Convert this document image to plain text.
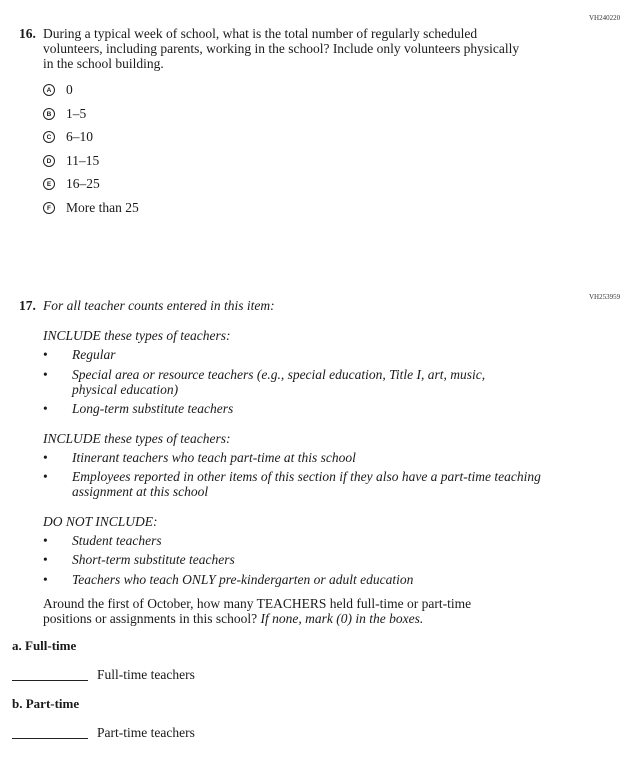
VH240220
16. During a typical week of school, what is the total number of regularly scheduled volunteers, including parents, working in the school? Include only volunteers physically in the school building.
A 0
B 1–5
C 6–10
D 11–15
E 16–25
F More than 25
VH253959
17. For all teacher counts entered in this item:
INCLUDE these types of teachers:
• Regular
• Special area or resource teachers (e.g., special education, Title I, art, music, physical education)
• Long-term substitute teachers
INCLUDE these types of teachers:
• Itinerant teachers who teach part-time at this school
• Employees reported in other items of this section if they also have a part-time teaching assignment at this school
DO NOT INCLUDE:
• Student teachers
• Short-term substitute teachers
• Teachers who teach ONLY pre-kindergarten or adult education
Around the first of October, how many TEACHERS held full-time or part-time positions or assignments in this school? If none, mark (0) in the boxes.
a. Full-time
Full-time teachers
b. Part-time
Part-time teachers
